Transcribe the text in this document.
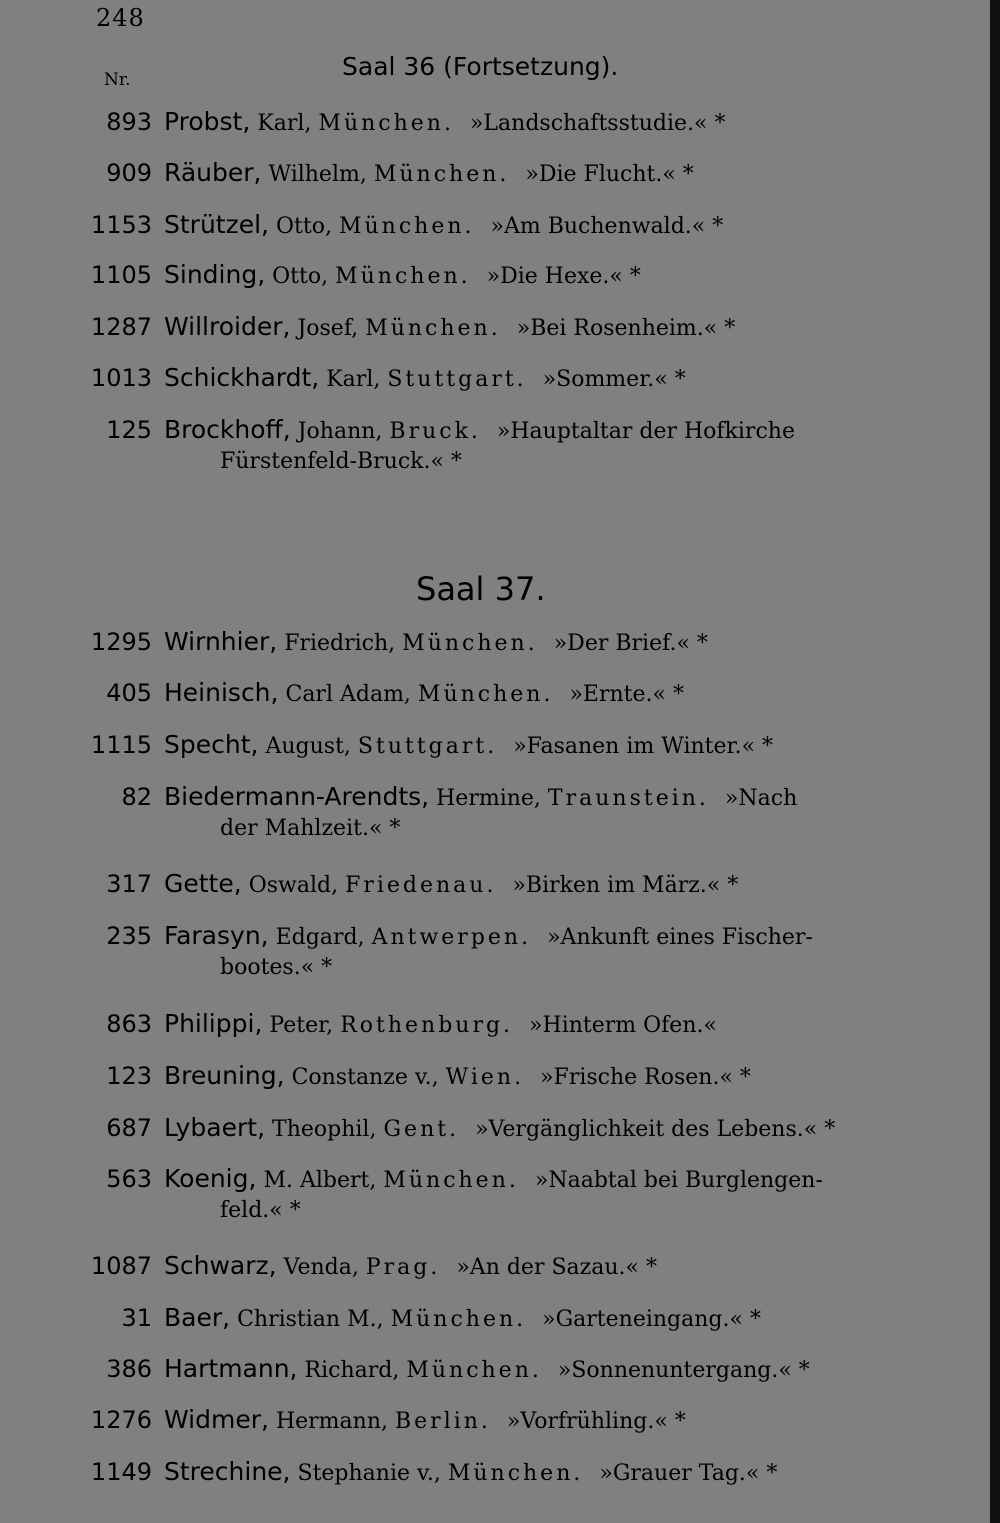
248
Nr.	Saal 36 (Fortsetzung).
Saal 37.
893 Probst, Karl, München. »Landschaftsstudie.« *
909 Räuber, Wilhelm, München. »Die Flucht.« *
1153 Strützel, Otto, München. »Am Buchenwald.« *
1105 Sinding, Otto, München. »Die Hexe.« *
1287 Willroider, Josef, München. »Bei Rosenheim.« *
1013 Schickhardt, Karl, Stuttgart. »Sommer.« *
125 Brockhoff, Johann, Bruck. »Hauptaltar der Hofkirche
Fürstenfeld-Bruck.« *
1295 Wirnhier, Friedrich, München. »Der Brief.« *
405 Heinisch, Carl Adam, München. »Ernte.« *
1115 Specht, August, Stuttgart. »Fasanen im Winter.« *
82 Biedermann-Arendts, Hermine, Traunstein. »Nach
der Mahlzeit.« *
317 Gette, Oswald, Friedenau. »Birken im März.« *
235 Farasyn, Edgard, Antwerpen. »Ankunft eines Fischer-
bootes.« *
863 Philippi, Peter, Rothenburg. »Hinterm Ofen.«
123 Breuning, Constanze v., Wien. »Frische Rosen.« *
687 Lybaert, Theophil, Gent. »Vergänglichkeit des Lebens.« *
563 Koenig, M. Albert, München. »Naabtal bei Burglengen-
feld.« *
1087 Schwarz, Venda, Prag. »An der Sazau.« *
31 Baer, Christian M., München. »Garteneingang.« *
386 Hartmann, Richard, München. »Sonnenuntergang.« *
1276 Widmer, Hermann, Berlin. »Vorfrühling.« *
1149 Strechine, Stephanie v., München. »Grauer Tag.« *
